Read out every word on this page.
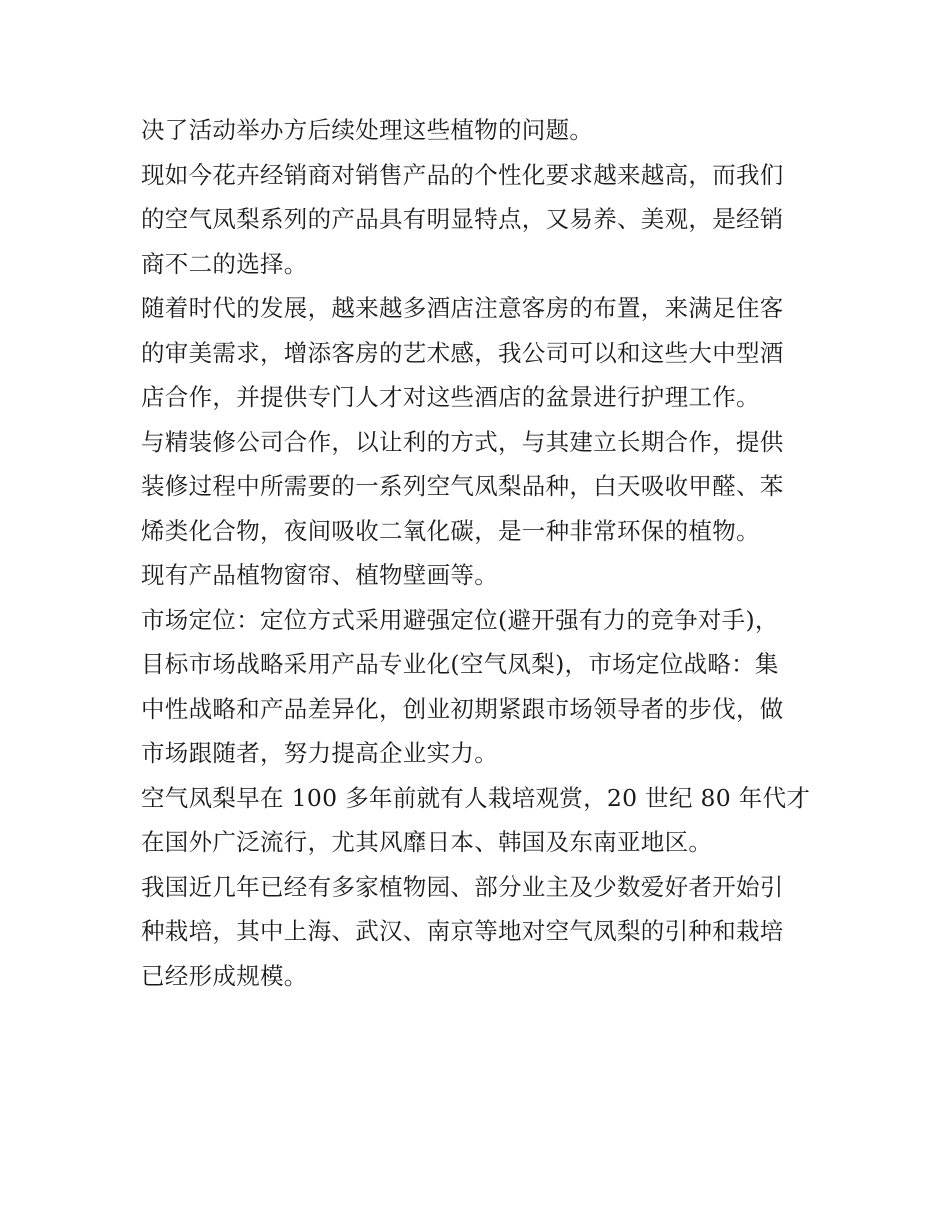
决了活动举办方后续处理这些植物的问题。

现如今花卉经销商对销售产品的个性化要求越来越高，而我们
的空气凤梨系列的产品具有明显特点，又易养、美观，是经销
商不二的选择。

随着时代的发展，越来越多酒店注意客房的布置，来满足住客
的审美需求，增添客房的艺术感，我公司可以和这些大中型酒
店合作，并提供专门人才对这些酒店的盆景进行护理工作。

与精装修公司合作，以让利的方式，与其建立长期合作，提供
装修过程中所需要的一系列空气凤梨品种，白天吸收甲醛、苯
烯类化合物，夜间吸收二氧化碳，是一种非常环保的植物。

现有产品植物窗帘、植物壁画等。

市场定位：定位方式采用避强定位(避开强有力的竞争对手)，
目标市场战略采用产品专业化(空气凤梨)，市场定位战略：集
中性战略和产品差异化，创业初期紧跟市场领导者的步伐，做
市场跟随者，努力提高企业实力。

空气凤梨早在 100 多年前就有人栽培观赏，20 世纪 80 年代才
在国外广泛流行，尤其风靡日本、韩国及东南亚地区。

我国近几年已经有多家植物园、部分业主及少数爱好者开始引
种栽培，其中上海、武汉、南京等地对空气凤梨的引种和栽培
已经形成规模。
